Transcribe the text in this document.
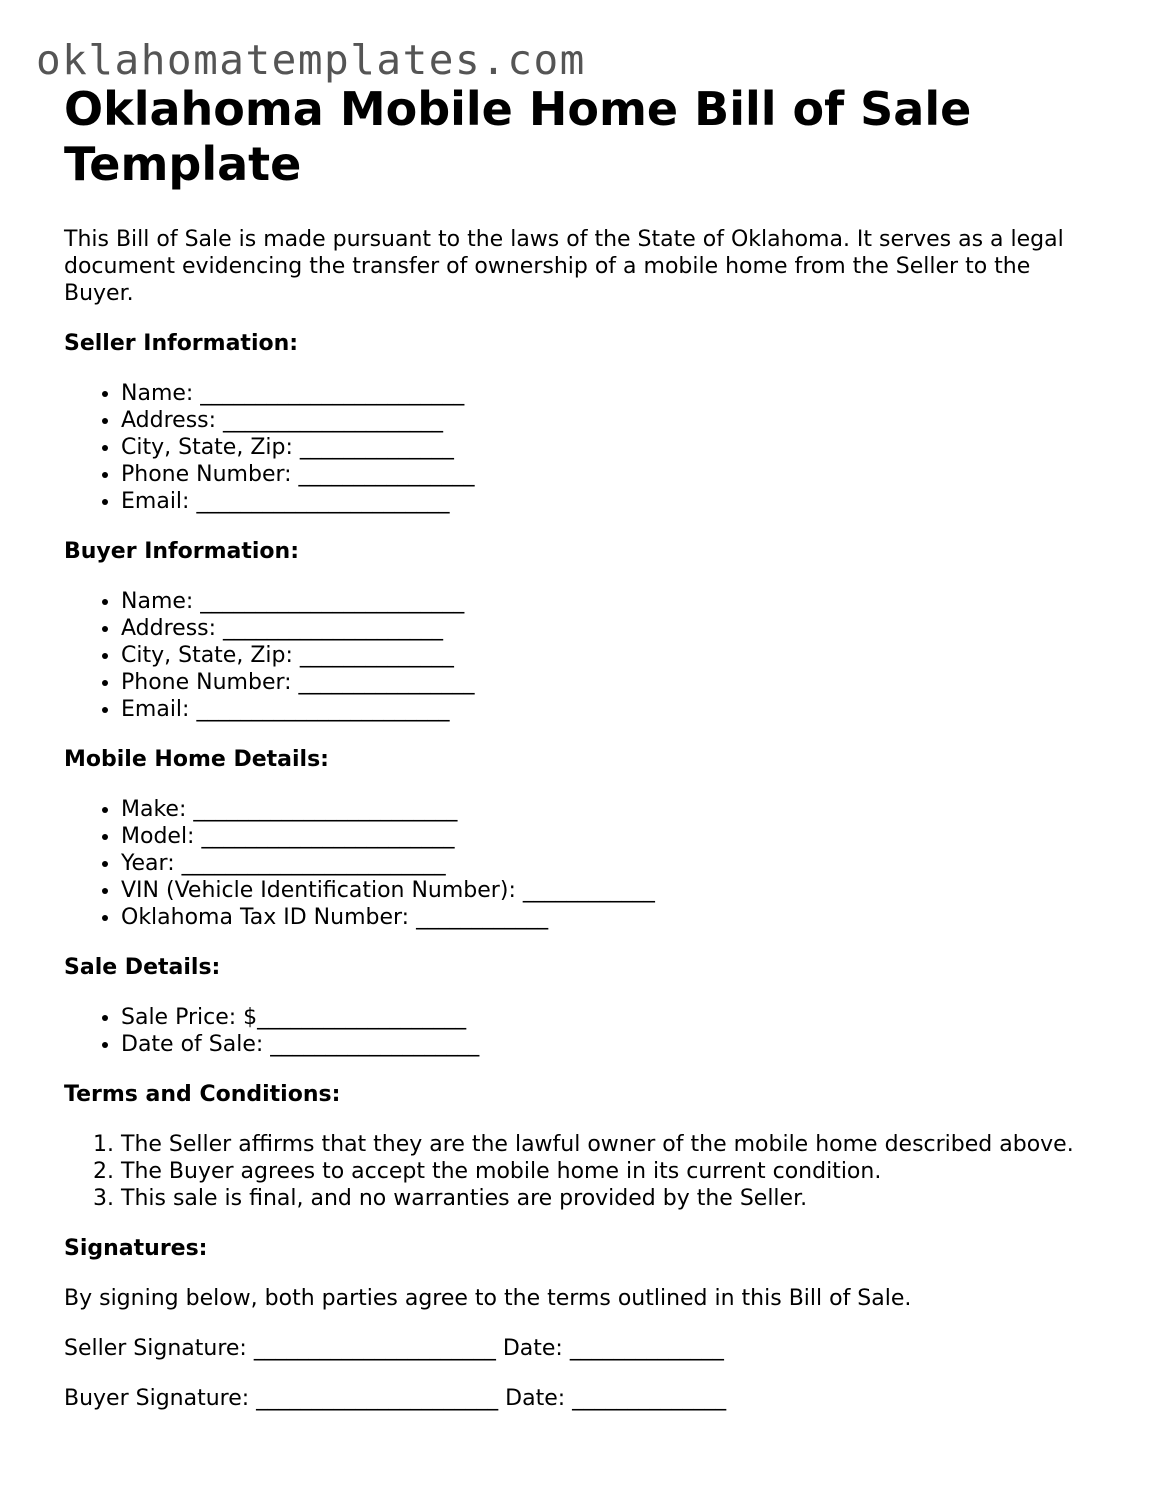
oklahomatemplates.com
Oklahoma Mobile Home Bill of Sale Template

This Bill of Sale is made pursuant to the laws of the State of Oklahoma. It serves as a legal document evidencing the transfer of ownership of a mobile home from the Seller to the Buyer.

Seller Information:
• Name: ________________________
• Address: ____________________
• City, State, Zip: ______________
• Phone Number: ________________
• Email: _______________________
Buyer Information:
• Name: ________________________
• Address: ____________________
• City, State, Zip: ______________
• Phone Number: ________________
• Email: _______________________
Mobile Home Details:
• Make: ________________________
• Model: _______________________
• Year: ________________________
• VIN (Vehicle Identification Number): ____________
• Oklahoma Tax ID Number: ____________
Sale Details:
• Sale Price: $___________________
• Date of Sale: ___________________
Terms and Conditions:
1. The Seller affirms that they are the lawful owner of the mobile home described above.
2. The Buyer agrees to accept the mobile home in its current condition.
3. This sale is final, and no warranties are provided by the Seller.
Signatures:

By signing below, both parties agree to the terms outlined in this Bill of Sale.

Seller Signature: ______________________ Date: ______________

Buyer Signature: ______________________ Date: ______________
